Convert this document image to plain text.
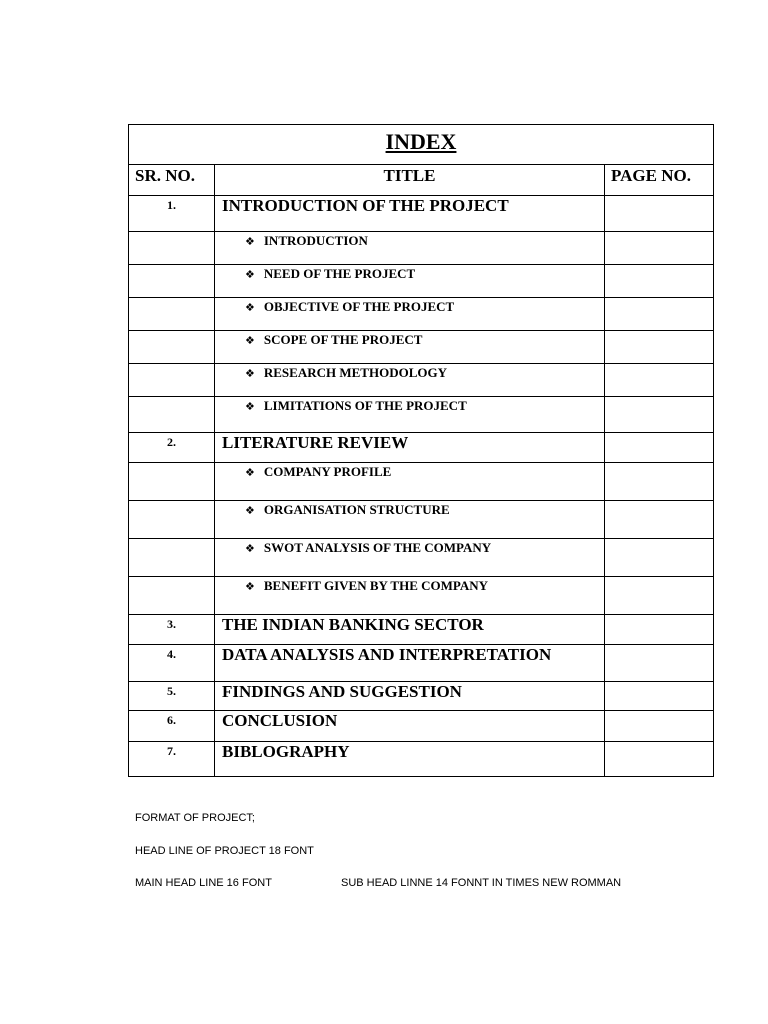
INDEX		
SR. NO.	TITLE	PAGE NO.
1.	INTRODUCTION OF THE PROJECT	
	❖ INTRODUCTION	
	❖ NEED OF THE PROJECT	
	❖ OBJECTIVE OF THE PROJECT	
	❖ SCOPE OF THE PROJECT	
	❖ RESEARCH METHODOLOGY	
	❖ LIMITATIONS OF THE PROJECT	
2.	LITERATURE REVIEW	
	❖ COMPANY PROFILE	
	❖ ORGANISATION STRUCTURE	
	❖ SWOT ANALYSIS OF THE COMPANY	
	❖ BENEFIT GIVEN BY THE COMPANY	
3.	THE INDIAN BANKING SECTOR	
4.	DATA ANALYSIS AND INTERPRETATION	
5.	FINDINGS AND SUGGESTION	
6.	CONCLUSION	
7.	BIBLOGRAPHY	
FORMAT OF PROJECT;
HEAD LINE OF PROJECT 18 FONT
MAIN HEAD LINE 16 FONT	SUB HEAD LINNE 14 FONNT IN TIMES NEW ROMMAN
